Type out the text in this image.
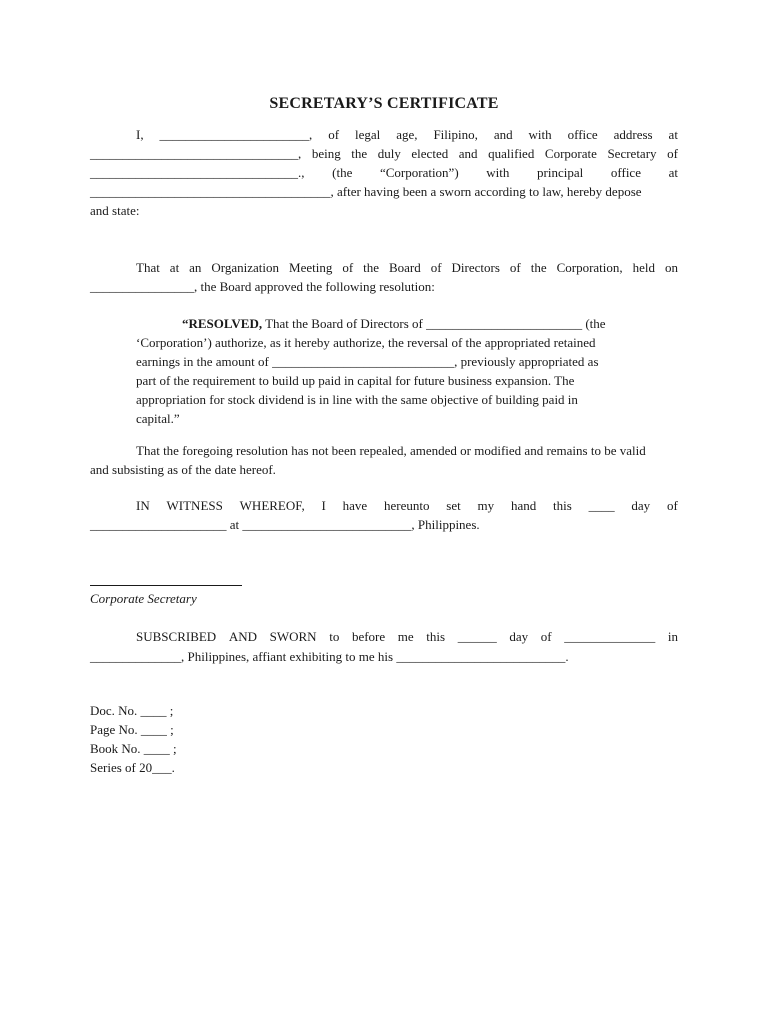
SECRETARY’S CERTIFICATE
I, _______________________, of legal age, Filipino, and with office address at
________________________________, being the duly elected and qualified Corporate Secretary of
________________________________., (the “Corporation”) with principal office at
_____________________________________, after having been a sworn according to law, hereby depose
and state:
That at an Organization Meeting of the Board of Directors of the Corporation, held on
________________, the Board approved the following resolution:
“RESOLVED, That the Board of Directors of ________________________ (the
‘Corporation’) authorize, as it hereby authorize, the reversal of the appropriated retained
earnings in the amount of ____________________________, previously appropriated as
part of the requirement to build up paid in capital for future business expansion. The
appropriation for stock dividend is in line with the same objective of building paid in
capital.”
That the foregoing resolution has not been repealed, amended or modified and remains to be valid
and subsisting as of the date hereof.
IN WITNESS WHEREOF, I have hereunto set my hand this ____ day of
_____________________ at __________________________, Philippines.
Corporate Secretary
SUBSCRIBED AND SWORN to before me this ______ day of ______________ in
______________, Philippines, affiant exhibiting to me his __________________________.
Doc. No. ____ ;
Page No. ____ ;
Book No. ____ ;
Series of 20___.
